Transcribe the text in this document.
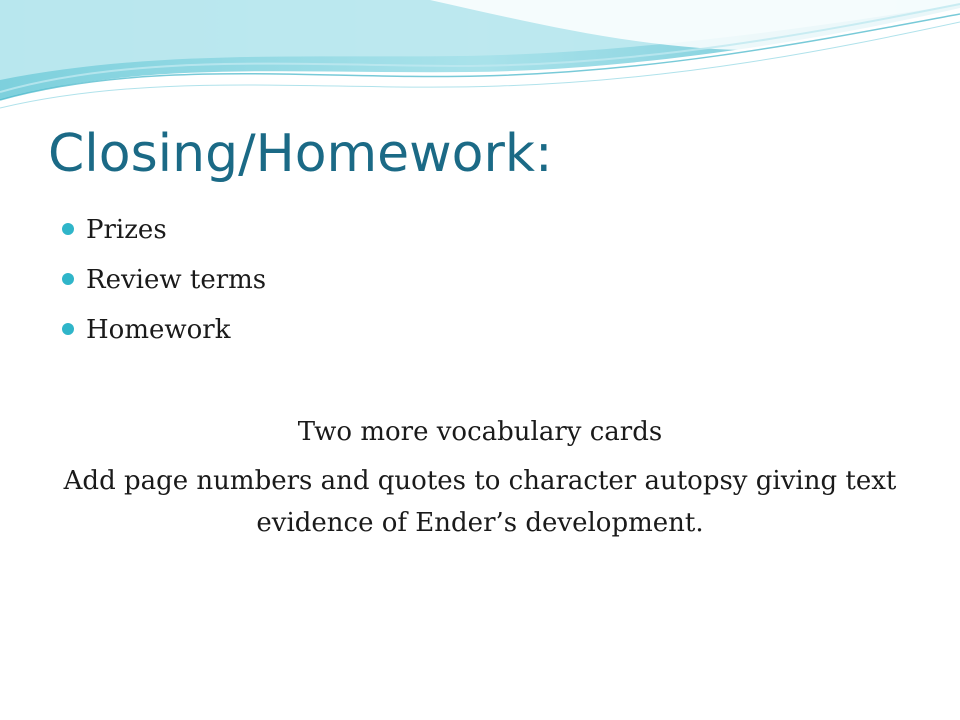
Closing/Homework:
Prizes
Review terms
Homework

Two more vocabulary cards

Add page numbers and quotes to character autopsy giving text evidence of Ender’s development.
